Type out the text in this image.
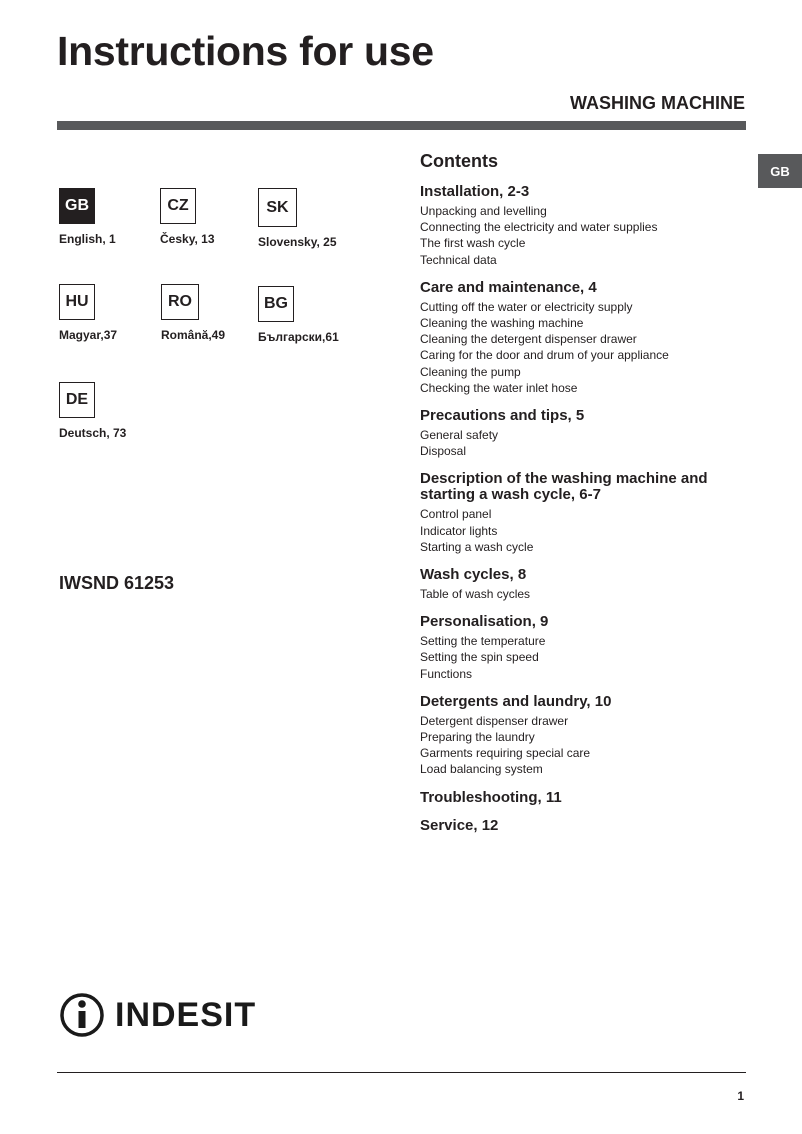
Instructions for use
WASHING MACHINE
GB
GB
English, 1
CZ
Česky, 13
SK
Slovensky, 25
HU
Magyar,37
RO
Română,49
BG
Български,61
DE
Deutsch, 73
IWSND 61253
Contents
Installation, 2-3
Unpacking and levelling
Connecting the electricity and water supplies
The first wash cycle
Technical data
Care and maintenance, 4
Cutting off the water or electricity supply
Cleaning the washing machine
Cleaning the detergent dispenser drawer
Caring for the door and drum of your appliance
Cleaning the pump
Checking the water inlet hose
Precautions and tips, 5
General safety
Disposal
Description of the washing machine and starting a wash cycle, 6-7
Control panel
Indicator lights
Starting a wash cycle
Wash cycles, 8
Table of wash cycles
Personalisation, 9
Setting the temperature
Setting the spin speed
Functions
Detergents and laundry, 10
Detergent dispenser drawer
Preparing the laundry
Garments requiring special care
Load balancing system
Troubleshooting, 11
Service, 12
INDESIT
1
